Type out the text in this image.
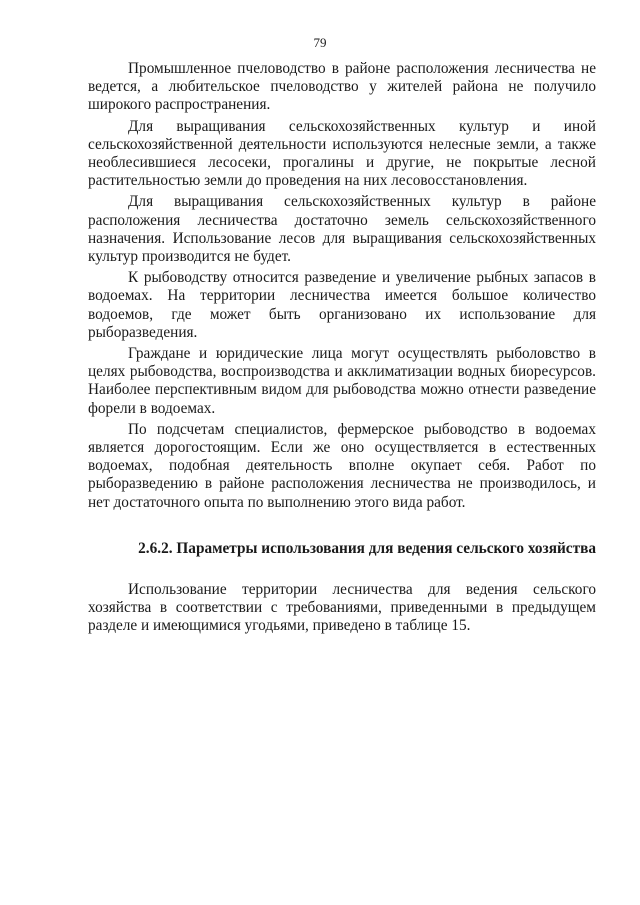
79

Промышленное пчеловодство в районе расположения лесничества не ведется, а любительское пчеловодство у жителей района не получило широкого распространения.

Для выращивания сельскохозяйственных культур и иной сельскохозяйственной деятельности используются нелесные земли, а также необлесившиеся лесосеки, прогалины и другие, не покрытые лесной растительностью земли до проведения на них лесовосстановления.

Для выращивания сельскохозяйственных культур в районе расположения лесничества достаточно земель сельскохозяйственного назначения. Использование лесов для выращивания сельскохозяйственных культур производится не будет.

К рыбоводству относится разведение и увеличение рыбных запасов в водоемах. На территории лесничества имеется большое количество водоемов, где может быть организовано их использование для рыборазведения.

Граждане и юридические лица могут осуществлять рыболовство в целях рыбоводства, воспроизводства и акклиматизации водных биоресурсов. Наиболее перспективным видом для рыбоводства можно отнести разведение форели в водоемах.

По подсчетам специалистов, фермерское рыбоводство в водоемах является дорогостоящим. Если же оно осуществляется в естественных водоемах, подобная деятельность вполне окупает себя. Работ по рыборазведению в районе расположения лесничества не производилось, и нет достаточного опыта по выполнению этого вида работ.

2.6.2. Параметры использования для ведения сельского хозяйства

Использование территории лесничества для ведения сельского хозяйства в соответствии с требованиями, приведенными в предыдущем разделе и имеющимися угодьями, приведено в таблице 15.
